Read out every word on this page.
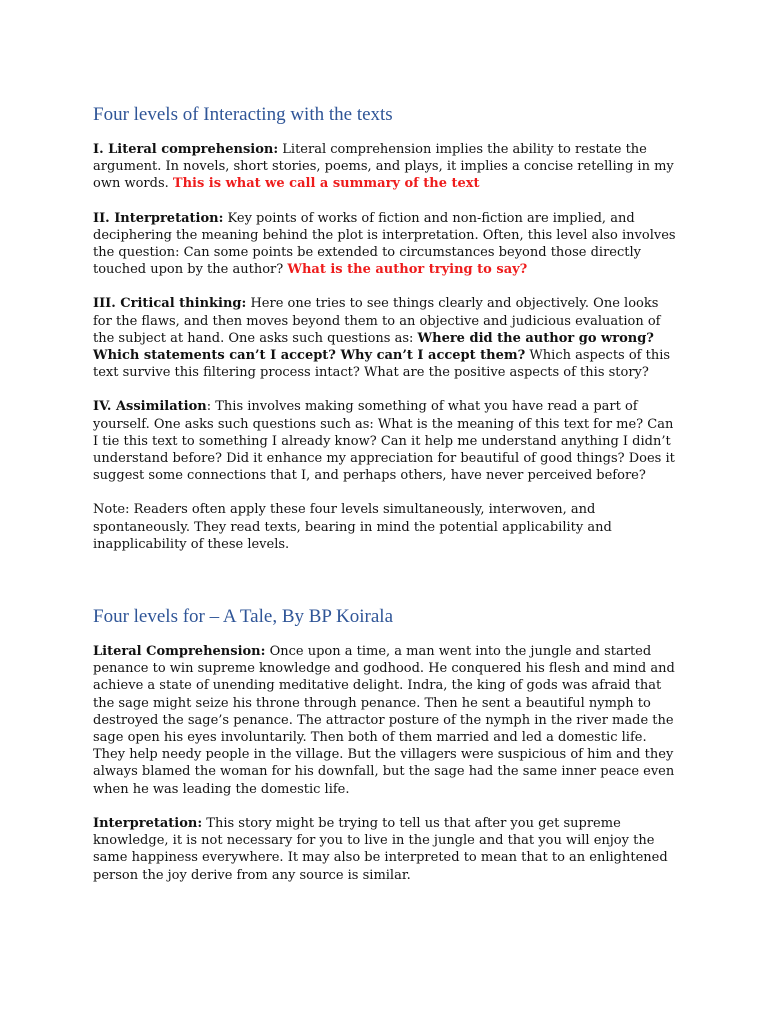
Four levels of Interacting with the texts

I. Literal comprehension: Literal comprehension implies the ability to restate the argument. In novels, short stories, poems, and plays, it implies a concise retelling in my own words. This is what we call a summary of the text

II. Interpretation: Key points of works of fiction and non-fiction are implied, and deciphering the meaning behind the plot is interpretation. Often, this level also involves the question: Can some points be extended to circumstances beyond those directly touched upon by the author? What is the author trying to say?

III. Critical thinking: Here one tries to see things clearly and objectively. One looks for the flaws, and then moves beyond them to an objective and judicious evaluation of the subject at hand. One asks such questions as: Where did the author go wrong? Which statements can’t I accept? Why can’t I accept them? Which aspects of this text survive this filtering process intact? What are the positive aspects of this story?

IV. Assimilation: This involves making something of what you have read a part of yourself. One asks such questions such as: What is the meaning of this text for me? Can I tie this text to something I already know? Can it help me understand anything I didn’t understand before? Did it enhance my appreciation for beautiful of good things? Does it suggest some connections that I, and perhaps others, have never perceived before?

Note: Readers often apply these four levels simultaneously, interwoven, and spontaneously. They read texts, bearing in mind the potential applicability and inapplicability of these levels.

Four levels for – A Tale, By BP Koirala

Literal Comprehension: Once upon a time, a man went into the jungle and started penance to win supreme knowledge and godhood. He conquered his flesh and mind and achieve a state of unending meditative delight. Indra, the king of gods was afraid that the sage might seize his throne through penance. Then he sent a beautiful nymph to destroyed the sage’s penance. The attractor posture of the nymph in the river made the sage open his eyes involuntarily. Then both of them married and led a domestic life. They help needy people in the village. But the villagers were suspicious of him and they always blamed the woman for his downfall, but the sage had the same inner peace even when he was leading the domestic life.

Interpretation: This story might be trying to tell us that after you get supreme knowledge, it is not necessary for you to live in the jungle and that you will enjoy the same happiness everywhere. It may also be interpreted to mean that to an enlightened person the joy derive from any source is similar.
